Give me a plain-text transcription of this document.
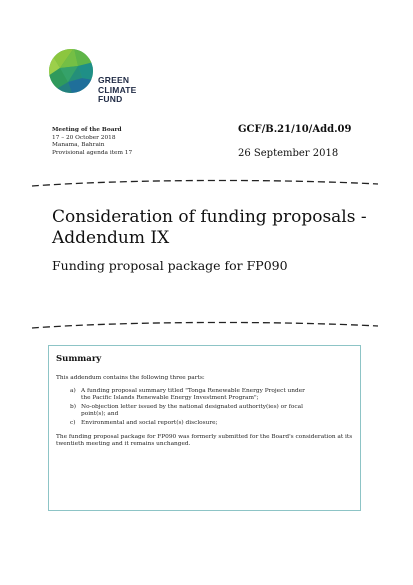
GREEN
CLIMATE
FUND
Meeting of the Board
17 – 20 October 2018
Manama, Bahrain
Provisional agenda item 17
GCF/B.21/10/Add.09
26 September 2018
Consideration of funding proposals - Addendum IX
Funding proposal package for FP090
Summary
This addendum contains the following three parts:
a) A funding proposal summary titled "Tonga Renewable Energy Project under the Pacific Islands Renewable Energy Investment Program";
b) No-objection letter issued by the national designated authority(ies) or focal point(s); and
c) Environmental and social report(s) disclosure;
The funding proposal package for FP090 was formerly submitted for the Board's consideration at its twentieth meeting and it remains unchanged.
